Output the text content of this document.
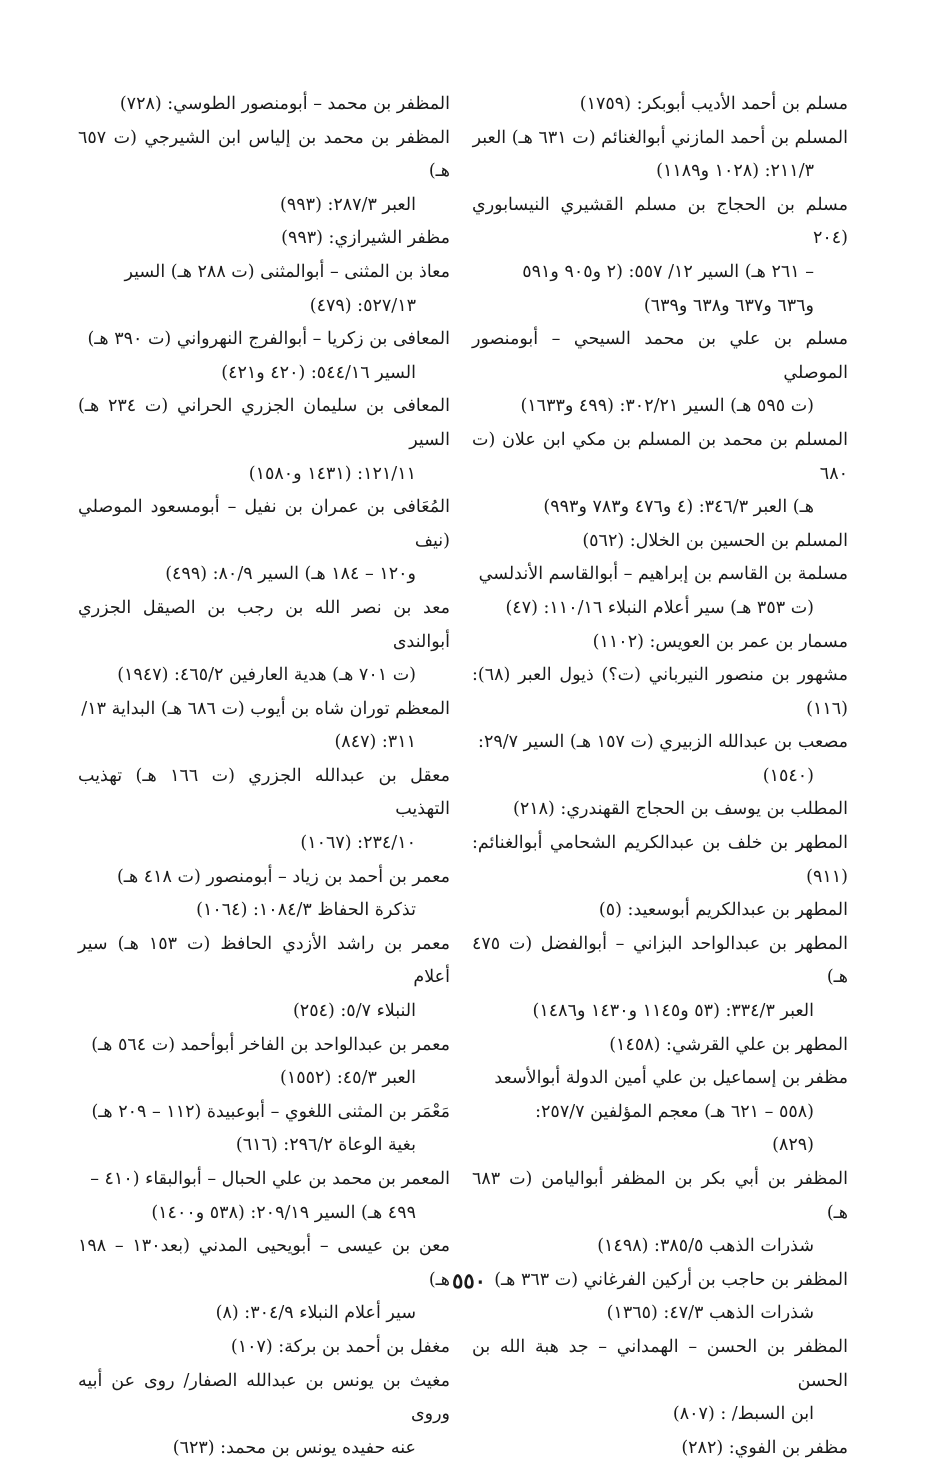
مسلم بن أحمد الأديب أبوبكر: (١٧٥٩)
المسلم بن أحمد المازني أبوالغنائم (ت ٦٣١ هـ) العبر
٢١١/٣: (١٠٢٨ و١١٨٩)
مسلم بن الحجاج بن مسلم القشيري النيسابوري (٢٠٤
– ٢٦١ هـ) السير ١٢/ ٥٥٧: (٢ و٩٠٥ و٥٩١
و٦٣٦ و٦٣٧ و٦٣٨ و٦٣٩)
مسلم بن علي بن محمد السيحي – أبومنصور الموصلي
(ت ٥٩٥ هـ) السير ٣٠٢/٢١: (٤٩٩ و١٦٣٣)
المسلم بن محمد بن المسلم بن مكي ابن علان (ت ٦٨٠
هـ) العبر ٣٤٦/٣: (٤ و٤٧٦ و٧٨٣ و٩٩٣)
المسلم بن الحسين بن الخلال: (٥٦٢)
مسلمة بن القاسم بن إبراهيم – أبوالقاسم الأندلسي
(ت ٣٥٣ هـ) سير أعلام النبلاء ١١٠/١٦: (٤٧)
مسمار بن عمر بن العويس: (١١٠٢)
مشهور بن منصور النيرباني (ت؟) ذيول العبر (٦٨): (١١٦)
مصعب بن عبدالله الزبيري (ت ١٥٧ هـ) السير ٢٩/٧:
(١٥٤٠)
المطلب بن يوسف بن الحجاج القهندري: (٢١٨)
المطهر بن خلف بن عبدالكريم الشحامي أبوالغنائم: (٩١١)
المطهر بن عبدالكريم أبوسعيد: (٥)
المطهر بن عبدالواحد البزاني – أبوالفضل (ت ٤٧٥ هـ)
العبر ٣٣٤/٣: (٥٣ و١١٤٥ و١٤٣٠ و١٤٨٦)
المطهر بن علي القرشي: (١٤٥٨)
مظفر بن إسماعيل بن علي أمين الدولة أبوالأسعد
(٥٥٨ – ٦٢١ هـ) معجم المؤلفين ٢٥٧/٧:
(٨٢٩)
المظفر بن أبي بكر بن المظفر أبواليامن (ت ٦٨٣ هـ)
شذرات الذهب ٣٨٥/٥: (١٤٩٨)
المظفر بن حاجب بن أركين الفرغاني (ت ٣٦٣ هـ)
شذرات الذهب ٤٧/٣: (١٣٦٥)
المظفر بن الحسن – الهمداني – جد هبة الله بن الحسن
ابن السبط/ : (٨٠٧)
مظفر بن الفوي: (٢٨٢)
المظفر بن محمد – أبومنصور الطوسي: (٧٢٨)
المظفر بن محمد بن إلياس ابن الشيرجي (ت ٦٥٧ هـ)
العبر ٢٨٧/٣: (٩٩٣)
مظفر الشيرازي: (٩٩٣)
معاذ بن المثنى – أبوالمثنى (ت ٢٨٨ هـ) السير
٥٢٧/١٣: (٤٧٩)
المعافى بن زكريا – أبوالفرج النهرواني (ت ٣٩٠ هـ)
السير ٥٤٤/١٦: (٤٢٠ و٤٢١)
المعافى بن سليمان الجزري الحراني (ت ٢٣٤ هـ) السير
١٢١/١١: (١٤٣١ و١٥٨٠)
المُعَافى بن عمران بن نفيل – أبومسعود الموصلي (نيف
و١٢٠ – ١٨٤ هـ) السير ٨٠/٩: (٤٩٩)
معد بن نصر الله بن رجب بن الصيقل الجزري أبوالندى
(ت ٧٠١ هـ) هدية العارفين ٤٦٥/٢: (١٩٤٧)
المعظم توران شاه بن أيوب (ت ٦٨٦ هـ) البداية ١٣/
٣١١: (٨٤٧)
معقل بن عبدالله الجزري (ت ١٦٦ هـ) تهذيب التهذيب
٢٣٤/١٠: (١٠٦٧)
معمر بن أحمد بن زياد – أبومنصور (ت ٤١٨ هـ)
تذكرة الحفاظ ١٠٨٤/٣: (١٠٦٤)
معمر بن راشد الأزدي الحافظ (ت ١٥٣ هـ) سير أعلام
النبلاء ٥/٧: (٢٥٤)
معمر بن عبدالواحد بن الفاخر أبوأحمد (ت ٥٦٤ هـ)
العبر ٤٥/٣: (١٥٥٢)
مَعْمَر بن المثنى اللغوي – أبوعبيدة (١١٢ – ٢٠٩ هـ)
بغية الوعاة ٢٩٦/٢: (٦١٦)
المعمر بن محمد بن علي الحبال – أبوالبقاء (٤١٠ –
٤٩٩ هـ) السير ٢٠٩/١٩: (٥٣٨ و١٤٠٠)
معن بن عيسى – أبويحيى المدني (بعد١٣٠ – ١٩٨ هـ)
سير أعلام النبلاء ٣٠٤/٩: (٨)
مغفل بن أحمد بن بركة: (١٠٧)
مغيث بن يونس بن عبدالله الصفار/ روى عن أبيه وروى
عنه حفيده يونس بن محمد: (٦٢٣)
٥٥٠
